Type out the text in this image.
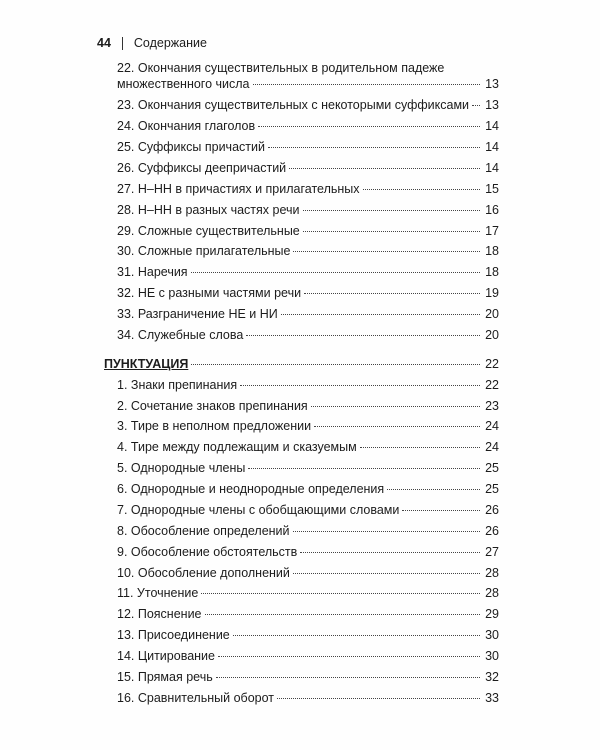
44 Содержание
22. Окончания существительных в родительном падеже
множественного числа	13
23. Окончания существительных с некоторыми суффиксами 13
24. Окончания глаголов	14
25. Суффиксы причастий	14
26. Суффиксы деепричастий	14
27. Н–НН в причастиях и прилагательных	15
28. Н–НН в разных частях речи	16
29. Сложные существительные	17
30. Сложные прилагательные	18
31. Наречия	18
32. НЕ с разными частями речи	19
33. Разграничение НЕ и НИ	20
34. Служебные слова	20
ПУНКТУАЦИЯ	22
1. Знаки препинания	22
2. Сочетание знаков препинания	23
3. Тире в неполном предложении	24
4. Тире между подлежащим и сказуемым	24
5. Однородные члены	25
6. Однородные и неоднородные определения	25
7. Однородные члены с обобщающими словами	26
8. Обособление определений	26
9. Обособление обстоятельств	27
10. Обособление дополнений	28
11. Уточнение	28
12. Пояснение	29
13. Присоединение	30
14. Цитирование	30
15. Прямая речь	32
16. Сравнительный оборот	33
